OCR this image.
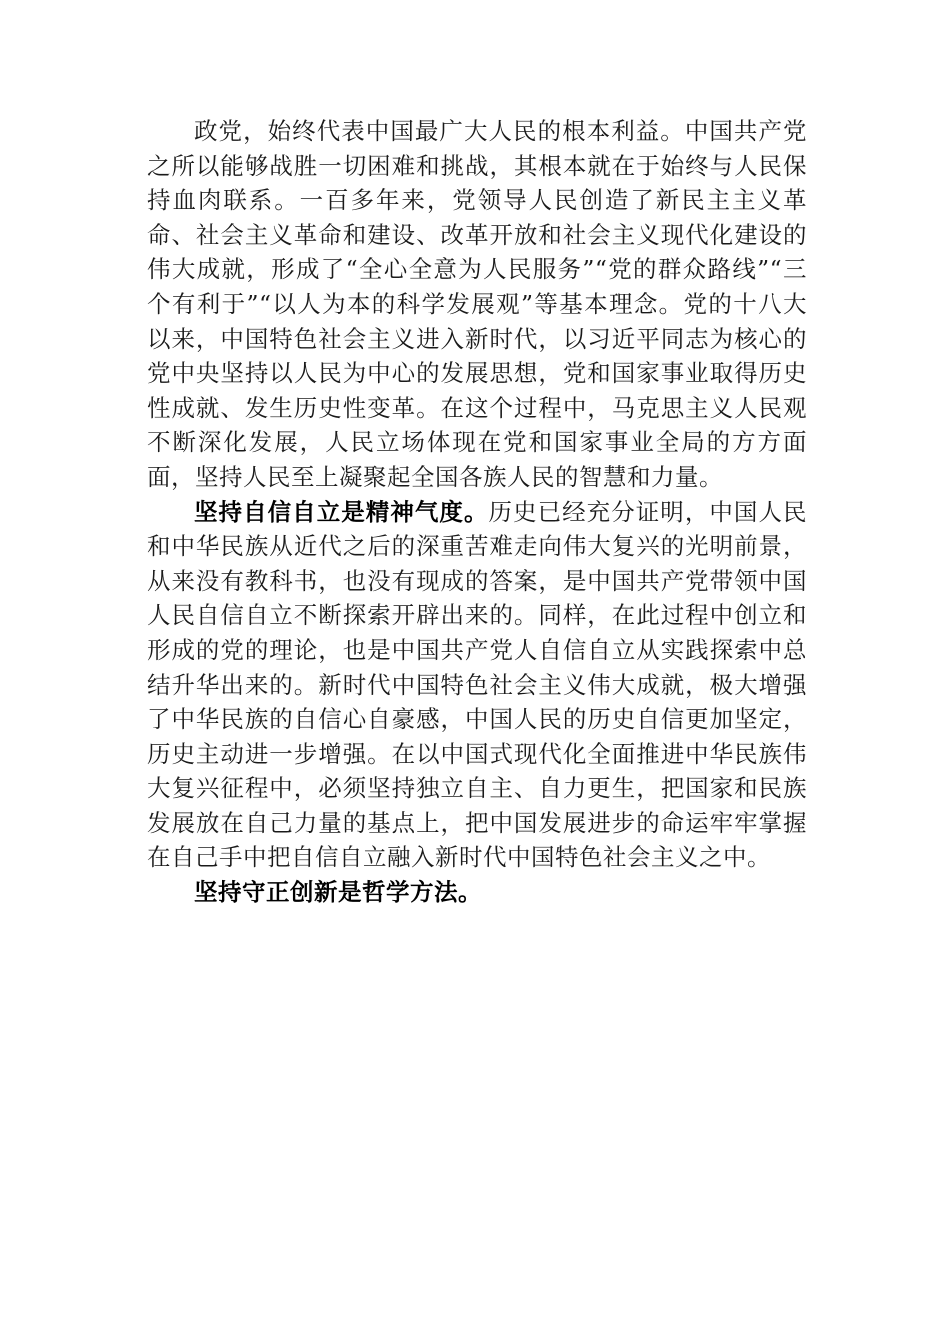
政党，始终代表中国最广大人民的根本利益。中国共产党之所以能够战胜一切困难和挑战，其根本就在于始终与人民保持血肉联系。一百多年来，党领导人民创造了新民主主义革命、社会主义革命和建设、改革开放和社会主义现代化建设的伟大成就，形成了“全心全意为人民服务”“党的群众路线”“三个有利于”“以人为本的科学发展观”等基本理念。党的十八大以来，中国特色社会主义进入新时代，以习近平同志为核心的党中央坚持以人民为中心的发展思想，党和国家事业取得历史性成就、发生历史性变革。在这个过程中，马克思主义人民观不断深化发展，人民立场体现在党和国家事业全局的方方面面，坚持人民至上凝聚起全国各族人民的智慧和力量。

坚持自信自立是精神气度。历史已经充分证明，中国人民和中华民族从近代之后的深重苦难走向伟大复兴的光明前景，从来没有教科书，也没有现成的答案，是中国共产党带领中国人民自信自立不断探索开辟出来的。同样，在此过程中创立和形成的党的理论，也是中国共产党人自信自立从实践探索中总结升华出来的。新时代中国特色社会主义伟大成就，极大增强了中华民族的自信心自豪感，中国人民的历史自信更加坚定，历史主动进一步增强。在以中国式现代化全面推进中华民族伟大复兴征程中，必须坚持独立自主、自力更生，把国家和民族发展放在自己力量的基点上，把中国发展进步的命运牢牢掌握在自己手中把自信自立融入新时代中国特色社会主义之中。

坚持守正创新是哲学方法。
